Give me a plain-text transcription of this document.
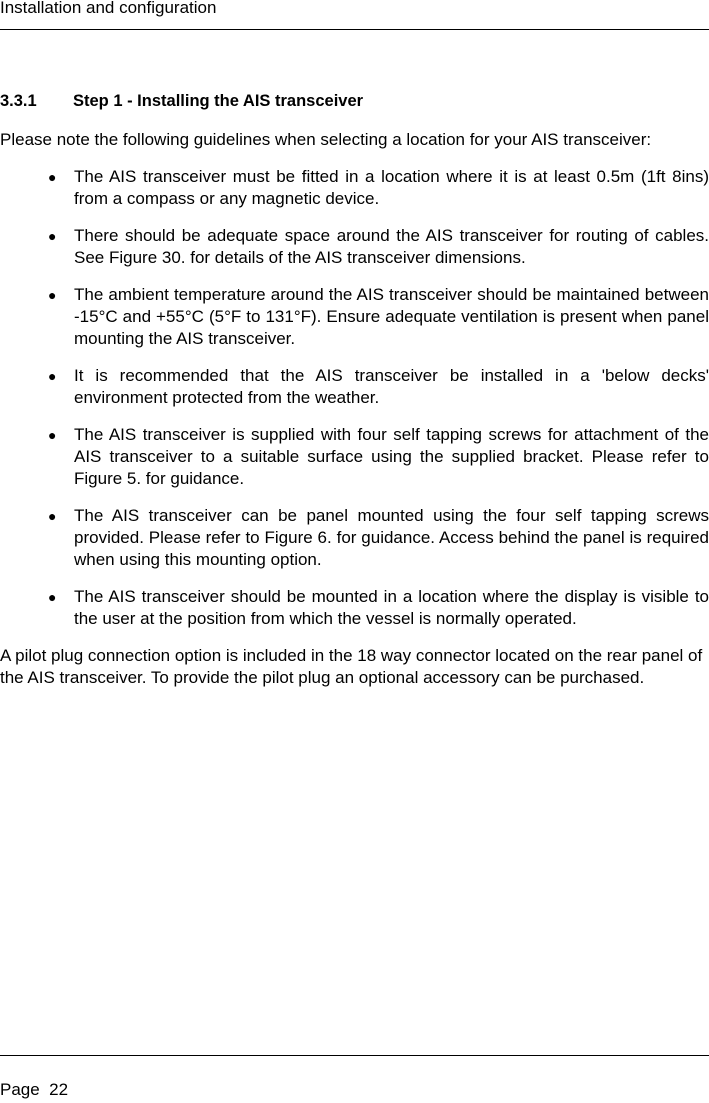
Installation and configuration
3.3.1 Step 1 - Installing the AIS transceiver

Please note the following guidelines when selecting a location for your AIS transceiver:

● The AIS transceiver must be fitted in a location where it is at least 0.5m (1ft 8ins) from a compass or any magnetic device.
● There should be adequate space around the AIS transceiver for routing of cables. See Figure 30. for details of the AIS transceiver dimensions.
● The ambient temperature around the AIS transceiver should be maintained between -15°C and +55°C (5°F to 131°F). Ensure adequate ventilation is present when panel mounting the AIS transceiver.
● It is recommended that the AIS transceiver be installed in a 'below decks' environment protected from the weather.
● The AIS transceiver is supplied with four self tapping screws for attachment of the AIS transceiver to a suitable surface using the supplied bracket. Please refer to Figure 5. for guidance.
● The AIS transceiver can be panel mounted using the four self tapping screws provided. Please refer to Figure 6. for guidance. Access behind the panel is required when using this mounting option.
● The AIS transceiver should be mounted in a location where the display is visible to the user at the position from which the vessel is normally operated.

A pilot plug connection option is included in the 18 way connector located on the rear panel of the AIS transceiver. To provide the pilot plug an optional accessory can be purchased.

Page  22
